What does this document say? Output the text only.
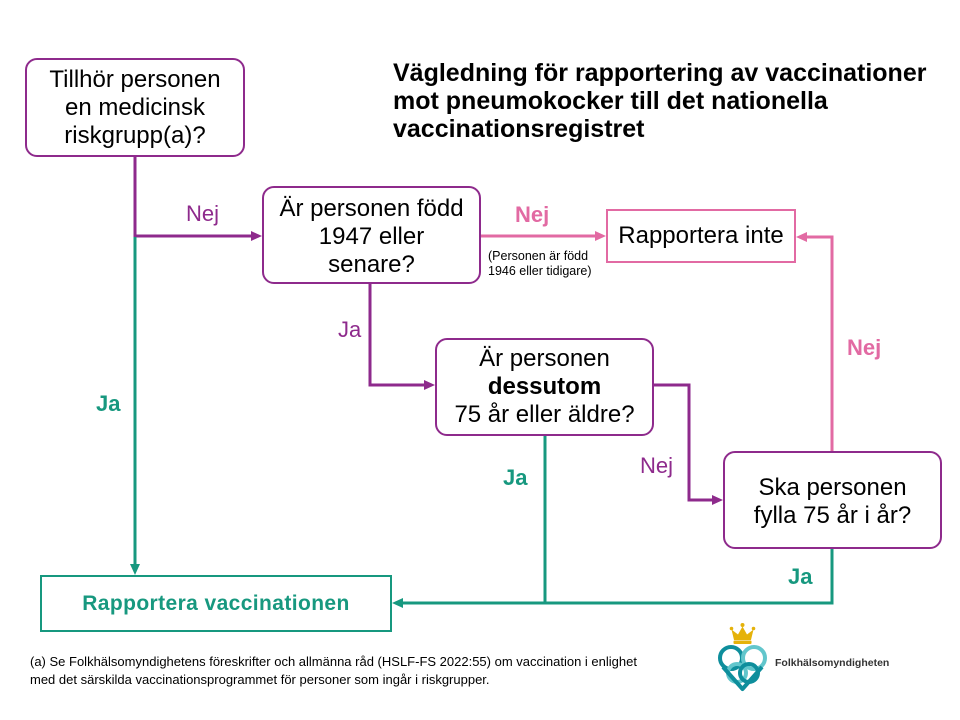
Vägledning för rapportering av vaccinationer
mot pneumokocker till det nationella
vaccinationsregistret
Tillhör personen
en medicinsk
riskgrupp(a)?
Är personen född
1947 eller
senare?
Rapportera inte
Är personen
dessutom
75 år eller äldre?
Ska personen
fylla 75 år i år?
Rapportera vaccinationen
Nej
Ja
Nej
(Personen är född
1946 eller tidigare)
Ja
Nej
Ja
Nej
Ja
(a) Se Folkhälsomyndighetens föreskrifter och allmänna råd (HSLF-FS 2022:55) om vaccination i enlighet
med det särskilda vaccinationsprogrammet för personer som ingår i riskgrupper.
Folkhälsomyndigheten
